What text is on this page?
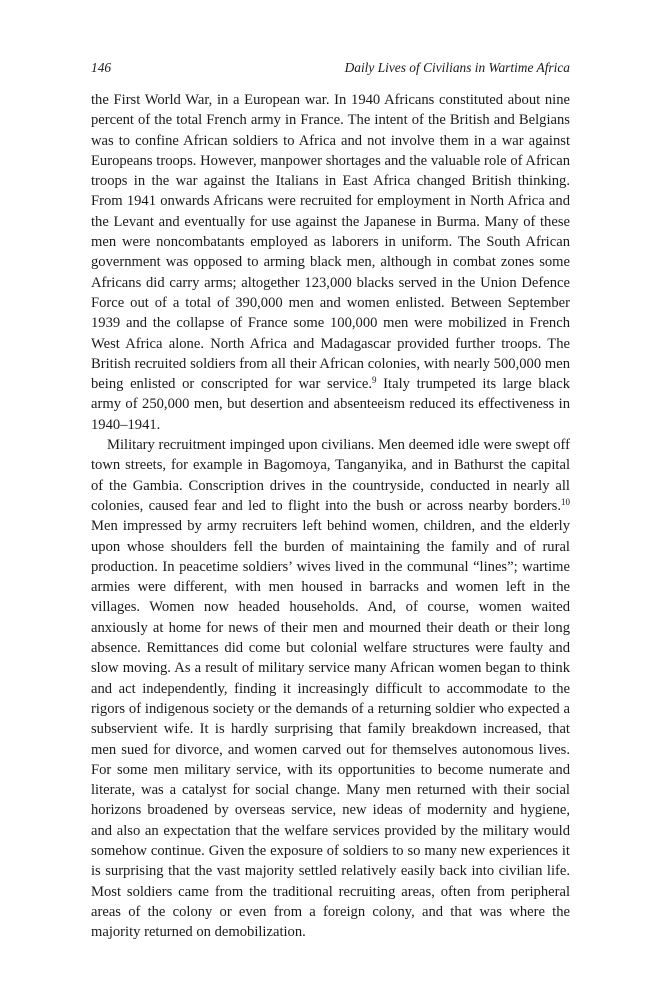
146	Daily Lives of Civilians in Wartime Africa

the First World War, in a European war. In 1940 Africans constituted about nine percent of the total French army in France. The intent of the British and Belgians was to confine African soldiers to Africa and not involve them in a war against Europeans troops. However, manpower shortages and the valuable role of African troops in the war against the Italians in East Africa changed British thinking. From 1941 onwards Africans were recruited for employment in North Africa and the Levant and eventually for use against the Japanese in Burma. Many of these men were noncombatants employed as laborers in uniform. The South African government was opposed to arming black men, although in combat zones some Africans did carry arms; altogether 123,000 blacks served in the Union Defence Force out of a total of 390,000 men and women enlisted. Between September 1939 and the collapse of France some 100,000 men were mobilized in French West Africa alone. North Africa and Madagascar provided further troops. The British recruited soldiers from all their African colonies, with nearly 500,000 men being enlisted or conscripted for war service.$^9$ Italy trumpeted its large black army of 250,000 men, but desertion and absenteeism reduced its effectiveness in 1940–1941.

Military recruitment impinged upon civilians. Men deemed idle were swept off town streets, for example in Bagomoya, Tanganyika, and in Bathurst the capital of the Gambia. Conscription drives in the countryside, conducted in nearly all colonies, caused fear and led to flight into the bush or across nearby borders.$^{10}$ Men impressed by army recruiters left behind women, children, and the elderly upon whose shoulders fell the burden of maintaining the family and of rural production. In peacetime soldiers’ wives lived in the communal “lines”; wartime armies were different, with men housed in barracks and women left in the villages. Women now headed households. And, of course, women waited anxiously at home for news of their men and mourned their death or their long absence. Remittances did come but colonial welfare structures were faulty and slow moving. As a result of military service many African women began to think and act independently, finding it increasingly difficult to accommodate to the rigors of indigenous society or the demands of a returning soldier who expected a subservient wife. It is hardly surprising that family breakdown increased, that men sued for divorce, and women carved out for themselves autonomous lives. For some men military service, with its opportunities to become numerate and literate, was a catalyst for social change. Many men returned with their social horizons broadened by overseas service, new ideas of modernity and hygiene, and also an expectation that the welfare services provided by the military would somehow continue. Given the exposure of soldiers to so many new experiences it is surprising that the vast majority settled relatively easily back into civilian life. Most soldiers came from the traditional recruiting areas, often from peripheral areas of the colony or even from a foreign colony, and that was where the majority returned on demobilization.
